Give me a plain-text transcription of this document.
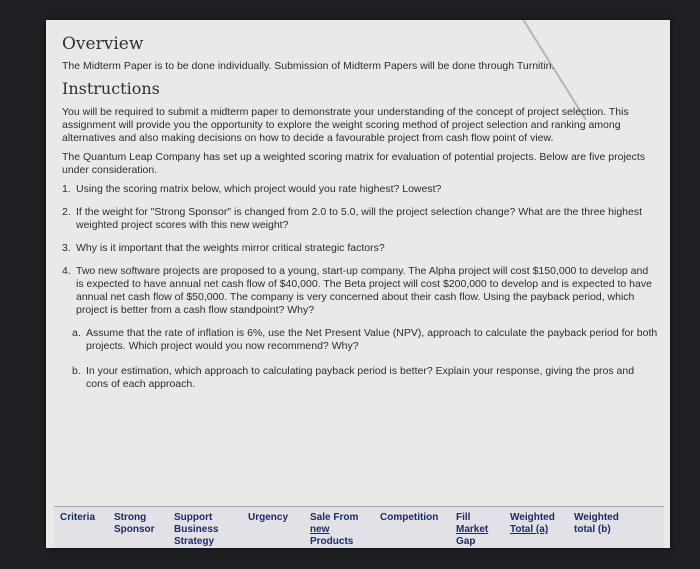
Overview

The Midterm Paper is to be done individually. Submission of Midterm Papers will be done through Turnitin.

Instructions

You will be required to submit a midterm paper to demonstrate your understanding of the concept of project selection. This assignment will provide you the opportunity to explore the weight scoring method of project selection and ranking among alternatives and also making decisions on how to decide a favourable project from cash flow point of view.

The Quantum Leap Company has set up a weighted scoring matrix for evaluation of potential projects. Below are five projects under consideration.

1. Using the scoring matrix below, which project would you rate highest? Lowest?
2. If the weight for "Strong Sponsor" is changed from 2.0 to 5.0, will the project selection change? What are the three highest weighted project scores with this new weight?
3. Why is it important that the weights mirror critical strategic factors?
4. Two new software projects are proposed to a young, start-up company. The Alpha project will cost $150,000 to develop and is expected to have annual net cash flow of $40,000. The Beta project will cost $200,000 to develop and is expected to have annual net cash flow of $50,000. The company is very concerned about their cash flow. Using the payback period, which project is better from a cash flow standpoint? Why?
a. Assume that the rate of inflation is 6%, use the Net Present Value (NPV), approach to calculate the payback period for both projects. Which project would you now recommend? Why?
b. In your estimation, which approach to calculating payback period is better? Explain your response, giving the pros and cons of each approach.
Criteria Strong
Sponsor
Support
Business
Strategy
Urgency Sale From
new
Products
Competition Fill
Market
Gap
Weighted
Total (a)
Weighted
total (b)
